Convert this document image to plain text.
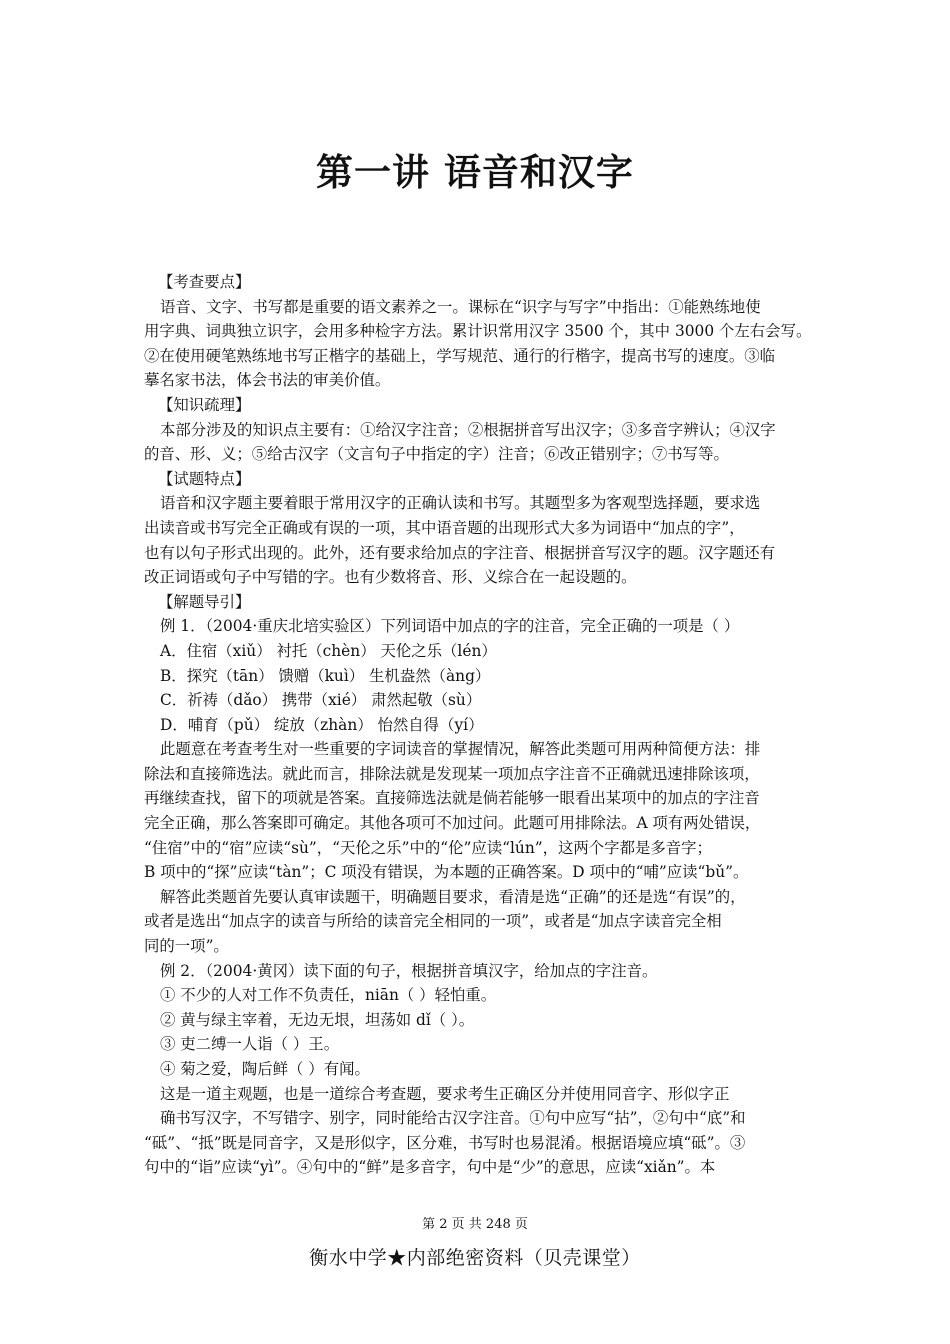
第一讲 语音和汉字
【考查要点】
语音、文字、书写都是重要的语文素养之一。课标在“识字与写字”中指出：①能熟练地使
用字典、词典独立识字，会用多种检字方法。累计识常用汉字 3500 个，其中 3000 个左右会写。
②在使用硬笔熟练地书写正楷字的基础上，学写规范、通行的行楷字，提高书写的速度。③临
摹名家书法，体会书法的审美价值。
【知识疏理】
本部分涉及的知识点主要有：①给汉字注音；②根据拼音写出汉字；③多音字辨认；④汉字
的音、形、义；⑤给古汉字（文言句子中指定的字）注音；⑥改正错别字；⑦书写等。
【试题特点】
语音和汉字题主要着眼于常用汉字的正确认读和书写。其题型多为客观型选择题，要求选
出读音或书写完全正确或有误的一项，其中语音题的出现形式大多为词语中“加点的字”，
也有以句子形式出现的。此外，还有要求给加点的字注音、根据拼音写汉字的题。汉字题还有
改正词语或句子中写错的字。也有少数将音、形、义综合在一起设题的。
【解题导引】
例 1．（2004·重庆北培实验区）下列词语中加点的字的注音，完全正确的一项是（ ）
A．住宿（xiǔ） 衬托（chèn） 天伦之乐（lén）
B．探究（tān） 馈赠（kuì） 生机盎然（àng）
C．祈祷（dǎo） 携带（xié） 肃然起敬（sù）
D．哺育（pǔ） 绽放（zhàn） 怡然自得（yí）
此题意在考查考生对一些重要的字词读音的掌握情况，解答此类题可用两种简便方法：排
除法和直接筛选法。就此而言，排除法就是发现某一项加点字注音不正确就迅速排除该项，
再继续查找，留下的项就是答案。直接筛选法就是倘若能够一眼看出某项中的加点的字注音
完全正确，那么答案即可确定。其他各项可不加过问。此题可用排除法。A 项有两处错误，
“住宿”中的“宿”应读“sù”，“天伦之乐”中的“伦”应读“lún”，这两个字都是多音字；
B 项中的“探”应读“tàn”；C 项没有错误，为本题的正确答案。D 项中的“哺”应读“bǔ”。
解答此类题首先要认真审读题干，明确题目要求，看清是选“正确”的还是选“有误”的，
或者是选出“加点字的读音与所给的读音完全相同的一项”，或者是“加点字读音完全相
同的一项”。
例 2．（2004·黄冈）读下面的句子，根据拼音填汉字，给加点的字注音。
① 不少的人对工作不负责任，niān（ ）轻怕重。
② 黄与绿主宰着，无边无垠，坦荡如 dǐ（ ）。
③ 吏二缚一人诣（ ）王。
④ 菊之爱，陶后鲜（ ）有闻。
这是一道主观题，也是一道综合考查题，要求考生正确区分并使用同音字、形似字正
确书写汉字，不写错字、别字，同时能给古汉字注音。①句中应写“拈”，②句中“底”和
“砥”、“抵”既是同音字，又是形似字，区分难，书写时也易混淆。根据语境应填“砥”。③
句中的“诣”应读“yì”。④句中的“鲜”是多音字，句中是“少”的意思，应读“xiǎn”。本
第 2 页 共 248 页
衡水中学★内部绝密资料（贝壳课堂）
